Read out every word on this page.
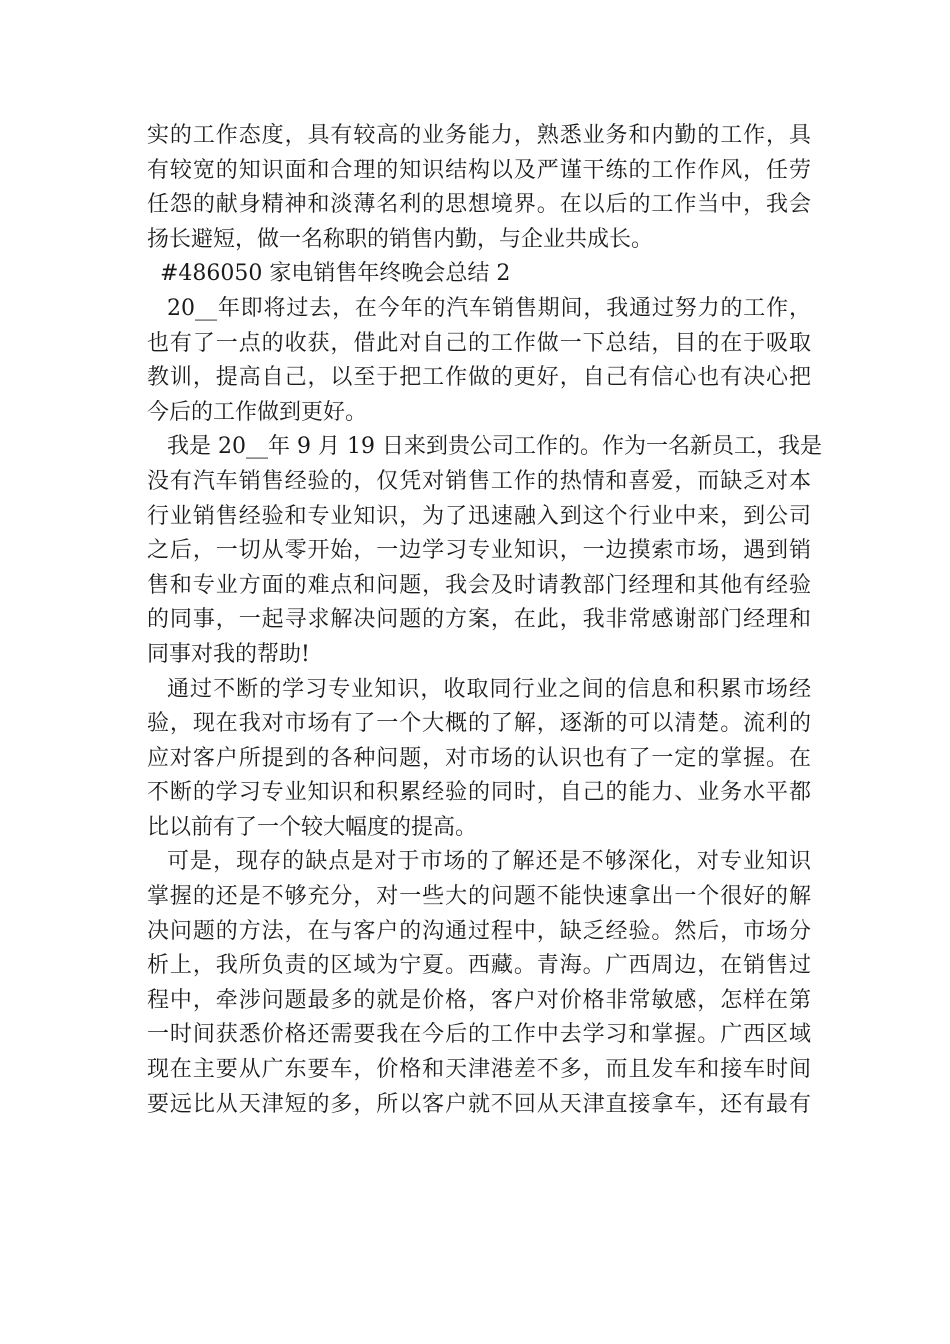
实的工作态度，具有较高的业务能力，熟悉业务和内勤的工作，具
有较宽的知识面和合理的知识结构以及严谨干练的工作作风，任劳
任怨的献身精神和淡薄名利的思想境界。在以后的工作当中，我会
扬长避短，做一名称职的销售内勤，与企业共成长。
#486050 家电销售年终晚会总结 2
20__年即将过去，在今年的汽车销售期间，我通过努力的工作，
也有了一点的收获，借此对自己的工作做一下总结，目的在于吸取
教训，提高自己，以至于把工作做的更好，自己有信心也有决心把
今后的工作做到更好。
我是 20__年 9 月 19 日来到贵公司工作的。作为一名新员工，我是
没有汽车销售经验的，仅凭对销售工作的热情和喜爱，而缺乏对本
行业销售经验和专业知识，为了迅速融入到这个行业中来，到公司
之后，一切从零开始，一边学习专业知识，一边摸索市场，遇到销
售和专业方面的难点和问题，我会及时请教部门经理和其他有经验
的同事，一起寻求解决问题的方案，在此，我非常感谢部门经理和
同事对我的帮助!
通过不断的学习专业知识，收取同行业之间的信息和积累市场经
验，现在我对市场有了一个大概的了解，逐渐的可以清楚。流利的
应对客户所提到的各种问题，对市场的认识也有了一定的掌握。在
不断的学习专业知识和积累经验的同时，自己的能力、业务水平都
比以前有了一个较大幅度的提高。
可是，现存的缺点是对于市场的了解还是不够深化，对专业知识
掌握的还是不够充分，对一些大的问题不能快速拿出一个很好的解
决问题的方法，在与客户的沟通过程中，缺乏经验。然后，市场分
析上，我所负责的区域为宁夏。西藏。青海。广西周边，在销售过
程中，牵涉问题最多的就是价格，客户对价格非常敏感，怎样在第
一时间获悉价格还需要我在今后的工作中去学习和掌握。广西区域
现在主要从广东要车，价格和天津港差不多，而且发车和接车时间
要远比从天津短的多，所以客户就不回从天津直接拿车，还有最有
